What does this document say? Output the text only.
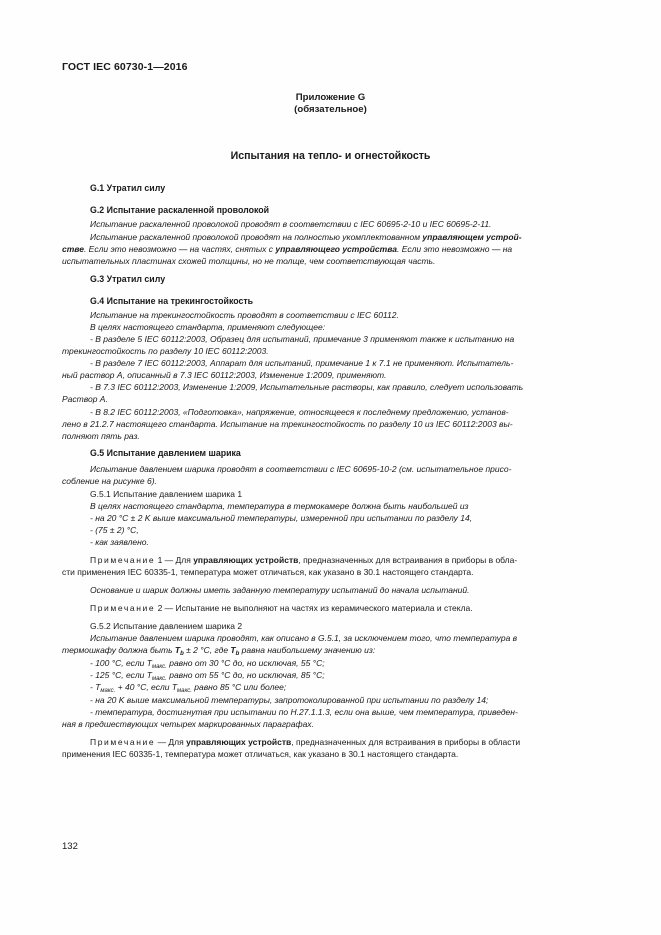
ГОСТ IEC 60730-1—2016
Приложение G
(обязательное)
Испытания на тепло- и огнестойкость
G.1 Утратил силу
G.2 Испытание раскаленной проволокой
Испытание раскаленной проволокой проводят в соответствии с IEC 60695-2-10 и IEC 60695-2-11.
Испытание раскаленной проволокой проводят на полностью укомплектованном управляющем устрой-
стве. Если это невозможно — на частях, снятых с управляющего устройства. Если это невозможно — на
испытательных пластинах схожей толщины, но не толще, чем соответствующая часть.
G.3 Утратил силу
G.4 Испытание на трекингостойкость
Испытание на трекингостойкость проводят в соответствии с IEC 60112.
В целях настоящего стандарта, применяют следующее:
- В разделе 5 IEC 60112:2003, Образец для испытаний, примечание 3 применяют также к испытанию на
трекингостойкость по разделу 10 IEC 60112:2003.
- В разделе 7 IEC 60112:2003, Аппарат для испытаний, примечание 1 к 7.1 не применяют. Испытатель-
ный раствор А, описанный в 7.3 IEC 60112:2003, Изменение 1:2009, применяют.
- В 7.3 IEC 60112:2003, Изменение 1:2009, Испытательные растворы, как правило, следует использовать
Раствор А.
- В 8.2 IEC 60112:2003, «Подготовка», напряжение, относящееся к последнему предложению, установ-
лено в 21.2.7 настоящего стандарта. Испытание на трекингостойкость по разделу 10 из IEC 60112:2003 вы-
полняют пять раз.
G.5 Испытание давлением шарика
Испытание давлением шарика проводят в соответствии с IEC 60695-10-2 (см. испытательное присо-
собление на рисунке 6).
G.5.1 Испытание давлением шарика 1
В целях настоящего стандарта, температура в термокамере должна быть наибольшей из
- на 20 °C ± 2 K выше максимальной температуры, измеренной при испытании по разделу 14,
- (75 ± 2) °C,
- как заявлено.
Примечание 1 — Для управляющих устройств, предназначенных для встраивания в приборы в обла-
сти применения IEC 60335-1, температура может отличаться, как указано в 30.1 настоящего стандарта.
Основание и шарик должны иметь заданную температуру испытаний до начала испытаний.
Примечание 2 — Испытание не выполняют на частях из керамического материала и стекла.
G.5.2 Испытание давлением шарика 2
Испытание давлением шарика проводят, как описано в G.5.1, за исключением того, что температура в
термошкафу должна быть $T_b \pm 2$ °C, где $T_b$ равна наибольшему значению из:
- 100 °C, если $T_{макс.}$ равно от 30 °C до, но исключая, 55 °C;
- 125 °C, если $T_{макс.}$ равно от 55 °C до, но исключая, 85 °C;
- $T_{макс.} + 40$ °C, если $T_{макс.}$ равно 85 °C или более;
- на 20 K выше максимальной температуры, запротоколированной при испытании по разделу 14;
- температура, достигнутая при испытании по H.27.1.1.3, если она выше, чем температура, приведен-
ная в предшествующих четырех маркированных параграфах.
Примечание — Для управляющих устройств, предназначенных для встраивания в приборы в области
применения IEC 60335-1, температура может отличаться, как указано в 30.1 настоящего стандарта.
132
